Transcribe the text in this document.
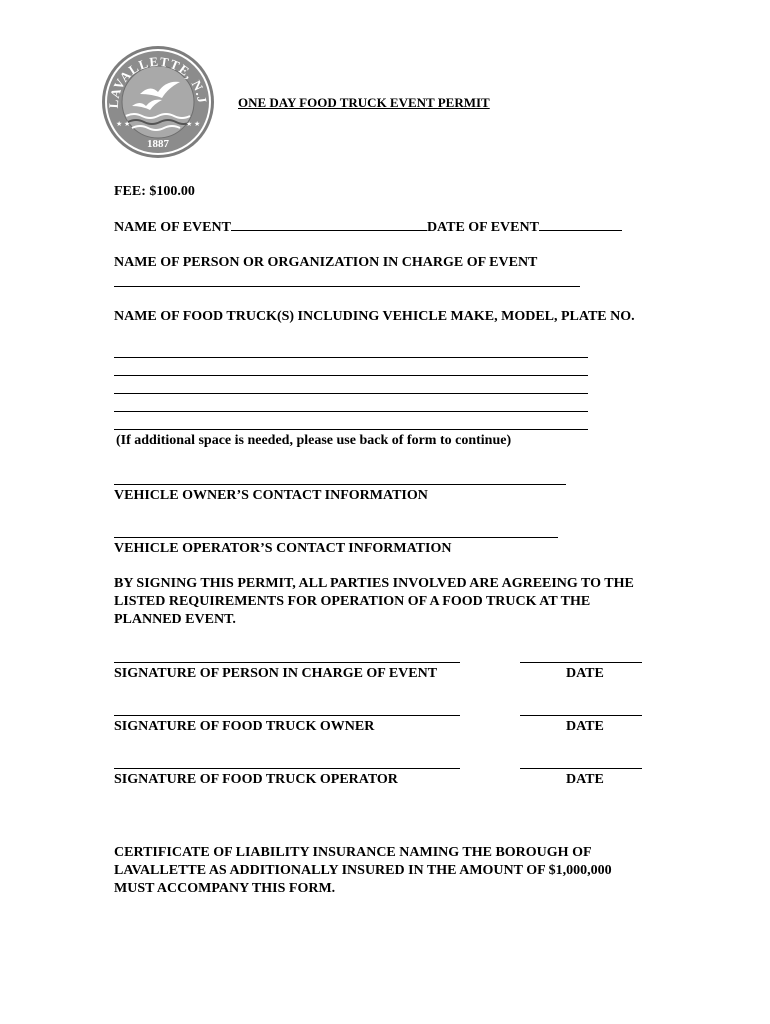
LAVALLETTE, N.J
★ ★	★ ★
1887
ONE DAY FOOD TRUCK EVENT PERMIT
FEE: $100.00
NAME OF EVENT	DATE OF EVENT
NAME OF PERSON OR ORGANIZATION IN CHARGE OF EVENT
NAME OF FOOD TRUCK(S) INCLUDING VEHICLE MAKE, MODEL, PLATE NO.
(If additional space is needed, please use back of form to continue)
VEHICLE OWNER’S CONTACT INFORMATION
VEHICLE OPERATOR’S CONTACT INFORMATION
BY SIGNING THIS PERMIT, ALL PARTIES INVOLVED ARE AGREEING TO THE LISTED REQUIREMENTS FOR OPERATION OF A FOOD TRUCK AT THE PLANNED EVENT.
SIGNATURE OF PERSON IN CHARGE OF EVENT	DATE
SIGNATURE OF FOOD TRUCK OWNER	DATE
SIGNATURE OF FOOD TRUCK OPERATOR	DATE
CERTIFICATE OF LIABILITY INSURANCE NAMING THE BOROUGH OF LAVALLETTE AS ADDITIONALLY INSURED IN THE AMOUNT OF $1,000,000 MUST ACCOMPANY THIS FORM.
